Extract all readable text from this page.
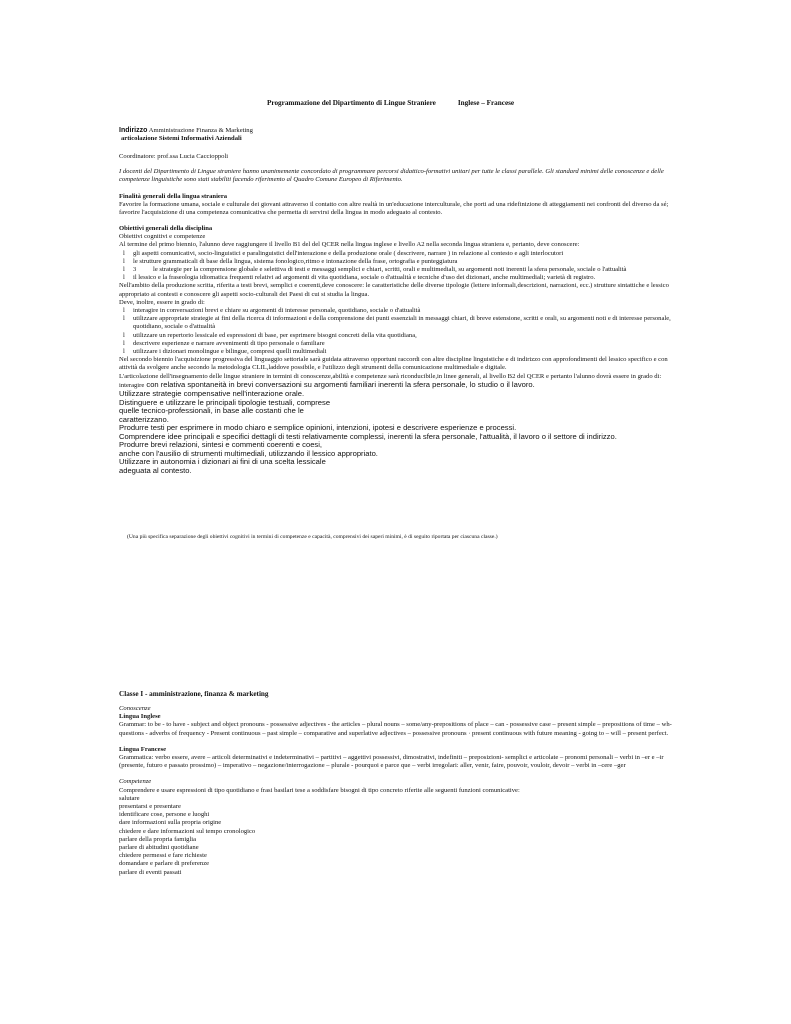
Programmazione del Dipartimento di Lingue Straniere	Inglese – Francese
Indirizzo Amministrazione Finanza & Marketing
articolazione Sistemi Informativi Aziendali
Coordinatore: prof.ssa Lucia Caccioppoli
I docenti del Dipartimento di Lingue straniere hanno unanimemente concordato di programmare percorsi didattico-formativi unitari per tutte le classi parallele. Gli standard minimi delle conoscenze e delle competenze linguistiche sono stati stabiliti facendo riferimento al Quadro Comune Europeo di Riferimento.
Finalità generali della lingua straniera
Favorire la formazione umana, sociale e culturale dei giovani attraverso il contatto con altre realtà in un'educazione interculturale, che porti ad una ridefinizione di atteggiamenti nei confronti del diverso da sé; favorire l'acquisizione di una competenza comunicativa che permetta di servirsi della lingua in modo adeguato al contesto.
Obiettivi generali della disciplina
Obiettivi cognitivi e competenze
Al termine del primo biennio, l'alunno deve raggiungere il livello B1 del del QCER nella lingua inglese e livello A2 nella seconda lingua straniera e, pertanto, deve conoscere:
l gli aspetti comunicativi, socio-linguistici e paralinguistici dell'interazione e della produzione orale ( descrivere, narrare ) in relazione al contesto e agli interlocutori
l le strutture grammaticali di base della lingua, sistema fonologico,ritmo e intonazione della frase, ortografia e punteggiatura
l 3	le strategie per la comprensione globale e selettiva di testi e messaggi semplici e chiari, scritti, orali e multimediali, su argomenti noti inerenti la sfera personale, sociale o l'attualità
l il lessico e la fraseologia idiomatica frequenti relativi ad argomenti di vita quotidiana, sociale o d'attualità e tecniche d'uso dei dizionari, anche multimediali; varietà di registro.
Nell'ambito della produzione scritta, riferita a testi brevi, semplici e coerenti,deve conoscere: le caratteristiche delle diverse tipologie (lettere informali,descrizioni, narrazioni, ecc.) strutture sintattiche e lessico appropriato ai contesti e conoscere gli aspetti socio-culturali dei Paesi di cui si studia la lingua.
Deve, inoltre, essere in grado di:
l interagire in conversazioni brevi e chiare su argomenti di interesse personale, quotidiano, sociale o d'attualità
l utilizzare appropriate strategie ai fini della ricerca di informazioni e della comprensione dei punti essenziali in messaggi chiari, di breve estensione, scritti e orali, su argomenti noti e di interesse personale, quotidiano, sociale o d'attualità
l utilizzare un repertorio lessicale ed espressioni di base, per esprimere bisogni concreti della vita quotidiana,
l descrivere esperienze e narrare avvenimenti di tipo personale o familiare
l utilizzare i dizionari monolingue e bilingue, compresi quelli multimediali
Nel secondo biennio l'acquisizione progressiva del linguaggio settoriale sarà guidata attraverso opportuni raccordi con altre discipline linguistiche e di indirizzo con approfondimenti del lessico specifico e con attività da svolgere anche secondo la metodologia CLIL,laddove possibile, e l'utilizzo degli strumenti della comunicazione multimediale e digitale.
L'articolazione dell'insegnamento delle lingue straniere in termini di conoscenze,abilità e competenze sarà riconducibile,in linee generali, al livello B2 del QCER e pertanto l'alunno dovrà essere in grado di:
interagire con relativa spontaneità in brevi conversazioni su argomenti familiari inerenti la sfera personale, lo studio o il lavoro.
Utilizzare strategie compensative nell'interazione orale.
Distinguere e utilizzare le principali tipologie testuali, comprese
quelle tecnico-professionali, in base alle costanti che le
caratterizzano.
Produrre testi per esprimere in modo chiaro e semplice opinioni, intenzioni, ipotesi e descrivere esperienze e processi.
Comprendere idee principali e specifici dettagli di testi relativamente complessi, inerenti la sfera personale, l'attualità, il lavoro o il settore di indirizzo.
Produrre brevi relazioni, sintesi e commenti coerenti e coesi,
anche con l'ausilio di strumenti multimediali, utilizzando il lessico appropriato.
Utilizzare in autonomia i dizionari ai fini di una scelta lessicale
adeguata al contesto.
(Una più specifica separazione degli obiettivi cognitivi in termini di competenze e capacità, comprensivi dei saperi minimi, è di seguito riportata per ciascuna classe.)
Classe I - amministrazione, finanza & marketing
Conoscenze
Lingua Inglese
Grammar: to be - to have - subject and object pronouns - possessive adjectives - the articles – plural nouns – some/any-prepositions of place – can - possessive case – present simple – prepositions of time – wh-questions - adverbs of frequency - Present continuous – past simple – comparative and superlative adjectives – possessive pronouns · present continuous with future meaning - going to – will – present perfect.
Lingua Francese
Grammatica: verbo essere, avere – articoli determinativi e indeterminativi – partitivi – aggettivi possessivi, dimostrativi, indefiniti – preposizioni- semplici e articolate – pronomi personali – verbi in –er e –ir (presente, futuro e passato prossimo) – imperativo – negazione/interrogazione – plurale - pourquoi e parce que – verbi irregolari: aller, venir, faire, pouvoir, vouloir, devoir – verbi in –cere –ger
Competenze
Comprendere e usare espressioni di tipo quotidiano e frasi basilari tese a soddisfare bisogni di tipo concreto riferite alle seguenti funzioni comunicative:
salutare
presentarsi e presentare
identificare cose, persone e luoghi
dare informazioni sulla propria origine
chiedere e dare informazioni sul tempo cronologico
parlare della propria famiglia
parlare di abitudini quotidiane
chiedere permessi e fare richieste
domandare e parlare di preferenze
parlare di eventi passati
